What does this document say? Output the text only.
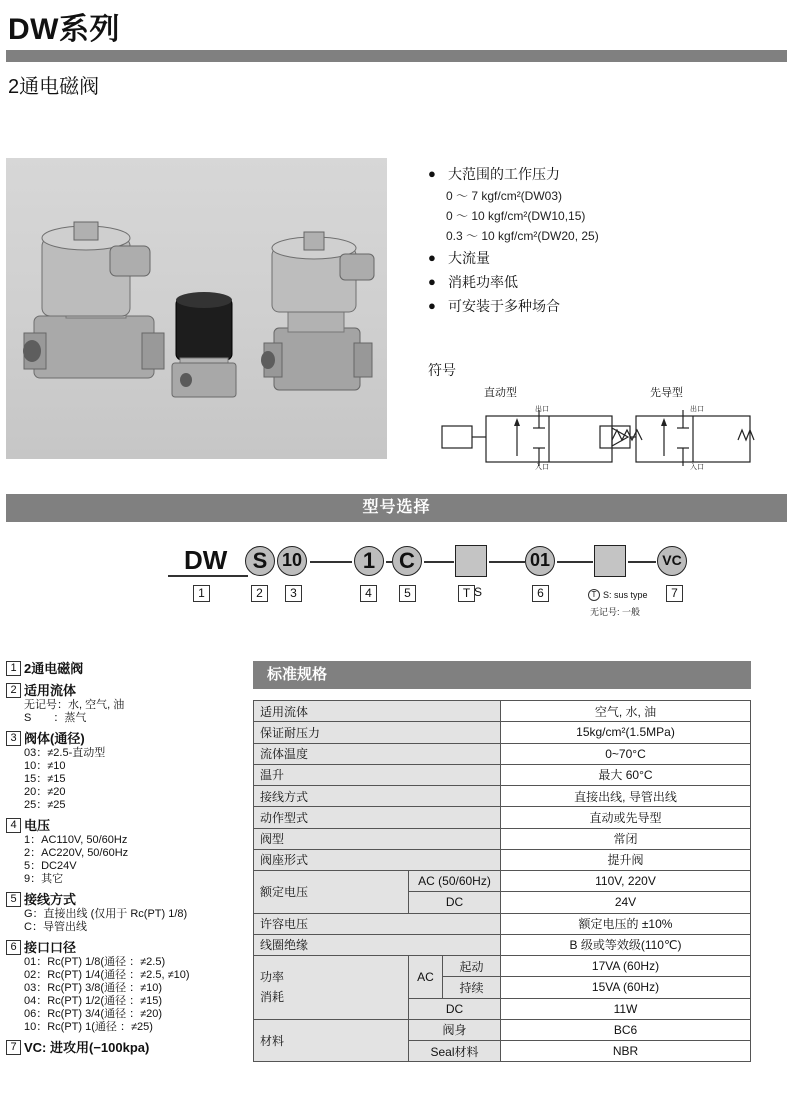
DW系列
2通电磁阀
● 大范围的工作压力
0 ～ 7 kgf/cm²(DW03)
0 ～ 10 kgf/cm²(DW10,15)
0.3 ～ 10 kgf/cm²(DW20, 25)
● 大流量
● 消耗功率低
● 可安装于多种场合
符号
直动型	先导型
出口
入口
出口
入口
型号选择
DW	S 10	1	C	01	VC
1	2	3	4	5	T S	6	T S: sus type
无记号: 一般
7
1 2通电磁阀
2 适用流体
无记号：水, 空气, 油
S　　：蒸气
3 阀体(通径)
03：≠2.5-直动型
10：≠10
15：≠15
20：≠20
25：≠25
4 电压
1：AC110V, 50/60Hz
2：AC220V, 50/60Hz
5：DC24V
9：其它
5 接线方式
G：直接出线 (仅用于 Rc(PT) 1/8)
C：导管出线
6 接口口径
01：Rc(PT) 1/8(通径 ：≠2.5)
02：Rc(PT) 1/4(通径 ：≠2.5, ≠10)
03：Rc(PT) 3/8(通径 ：≠10)
04：Rc(PT) 1/2(通径 ：≠15)
06：Rc(PT) 3/4(通径 ：≠20)
10：Rc(PT) 1(通径 ：≠25)
7 VC: 进攻用(−100kpa)
标准规格
适用流体			空气, 水, 油
保证耐压力			15kg/cm²(1.5MPa)
流体温度			0~70°C
温升			最大 60°C
接线方式			直接出线, 导管出线
动作型式			直动或先导型
阀型			常闭
阀座形式			提升阀
额定电压	AC (50/60Hz)		110V, 220V
	DC		24V
许容电压			额定电压的 ±10%
线圈绝缘			B 级或等效级(110℃)

功率
消耗	AC	起动	17VA (60Hz)
		持续	15VA (60Hz)
	DC		11W
材料	阀身		BC6
	Seal材料		NBR
